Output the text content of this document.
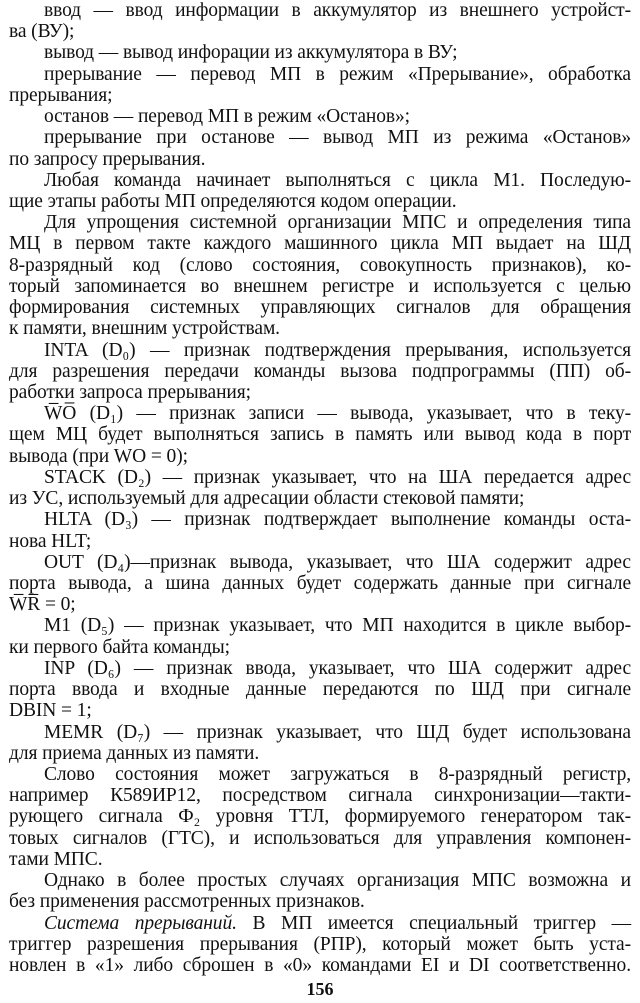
ввод — ввод информации в аккумулятор из внешнего устройст-
ва (ВУ);
вывод — вывод инфорации из аккумулятора в ВУ;
прерывание — перевод МП в режим «Прерывание», обработка
прерывания;
останов — перевод МП в режим «Останов»;
прерывание при останове — вывод МП из режима «Останов»
по запросу прерывания.
Любая команда начинает выполняться с цикла М1. Последую-
щие этапы работы МП определяются кодом операции.
Для упрощения системной организации МПС и определения типа
МЦ в первом такте каждого машинного цикла МП выдает на ШД
8-разрядный код (слово состояния, совокупность признаков), ко-
торый запоминается во внешнем регистре и используется с целью
формирования системных управляющих сигналов для обращения
к памяти, внешним устройствам.
INTA (D₀) — признак подтверждения прерывания, используется
для разрешения передачи команды вызова подпрограммы (ПП) об-
работки запроса прерывания;
W̅O̅ (D₁) — признак записи — вывода, указывает, что в теку-
щем МЦ будет выполняться запись в память или вывод кода в порт
вывода (при WO = 0);
STACK (D₂) — признак указывает, что на ША передается адрес
из УС, используемый для адресации области стековой памяти;
HLTA (D₃) — признак подтверждает выполнение команды оста-
нова HLT;
OUT (D₄)—признак вывода, указывает, что ША содержит адрес
порта вывода, а шина данных будет содержать данные при сигнале
W̅R̅ = 0;
M1 (D₅) — признак указывает, что МП находится в цикле выбор-
ки первого байта команды;
INP (D₆) — признак ввода, указывает, что ША содержит адрес
порта ввода и входные данные передаются по ШД при сигнале
DBIN = 1;
MEMR (D₇) — признак указывает, что ШД будет использована
для приема данных из памяти.
Слово состояния может загружаться в 8-разрядный регистр,
например К589ИР12, посредством сигнала синхронизации—такти-
рующего сигнала Ф₂ уровня ТТЛ, формируемого генератором так-
товых сигналов (ГТС), и использоваться для управления компонен-
тами МПС.
Однако в более простых случаях организация МПС возможна и
без применения рассмотренных признаков.
Система прерываний. В МП имеется специальный триггер —
триггер разрешения прерывания (РПР), который может быть уста-
новлен в «1» либо сброшен в «0» командами EI и DI соответственно.
156
